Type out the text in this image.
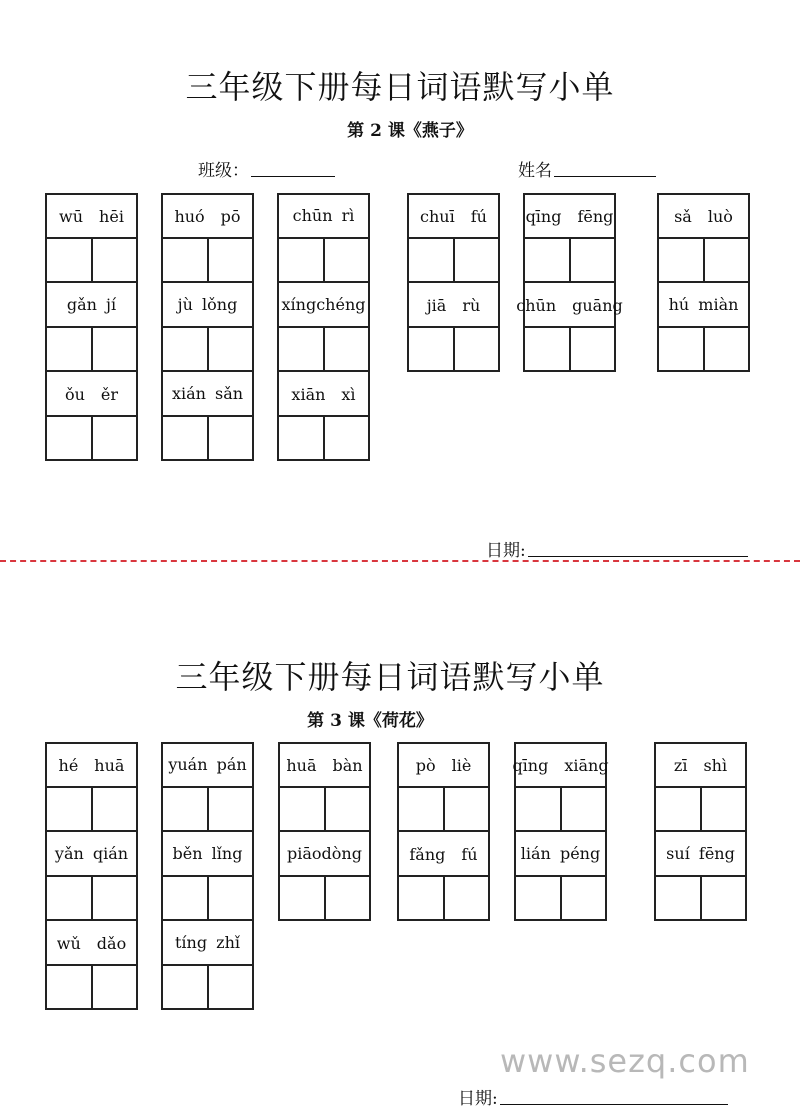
三年级下册每日词语默写小单
第 2 课《燕子》
班级：	姓名
wū　hēi	huó　pō	chūn rì	chuī　fú	qīng　fēng	sǎ　luò
gǎn jí	jù lǒng	xíngchéng	jiā　rù	chūn　guāng	hú miàn
ǒu　ěr	xián sǎn	xiān　xì
日期:
三年级下册每日词语默写小单
第 3 课《荷花》
hé　huā	yuán pán	huā　bàn	pò　liè	qīng　xiāng	zī　shì
yǎn qián	běn lǐng	piāodòng	fǎng　fú	lián péng	suí fēng
wǔ　dǎo	tíng zhǐ
www.sezq.com
日期:
